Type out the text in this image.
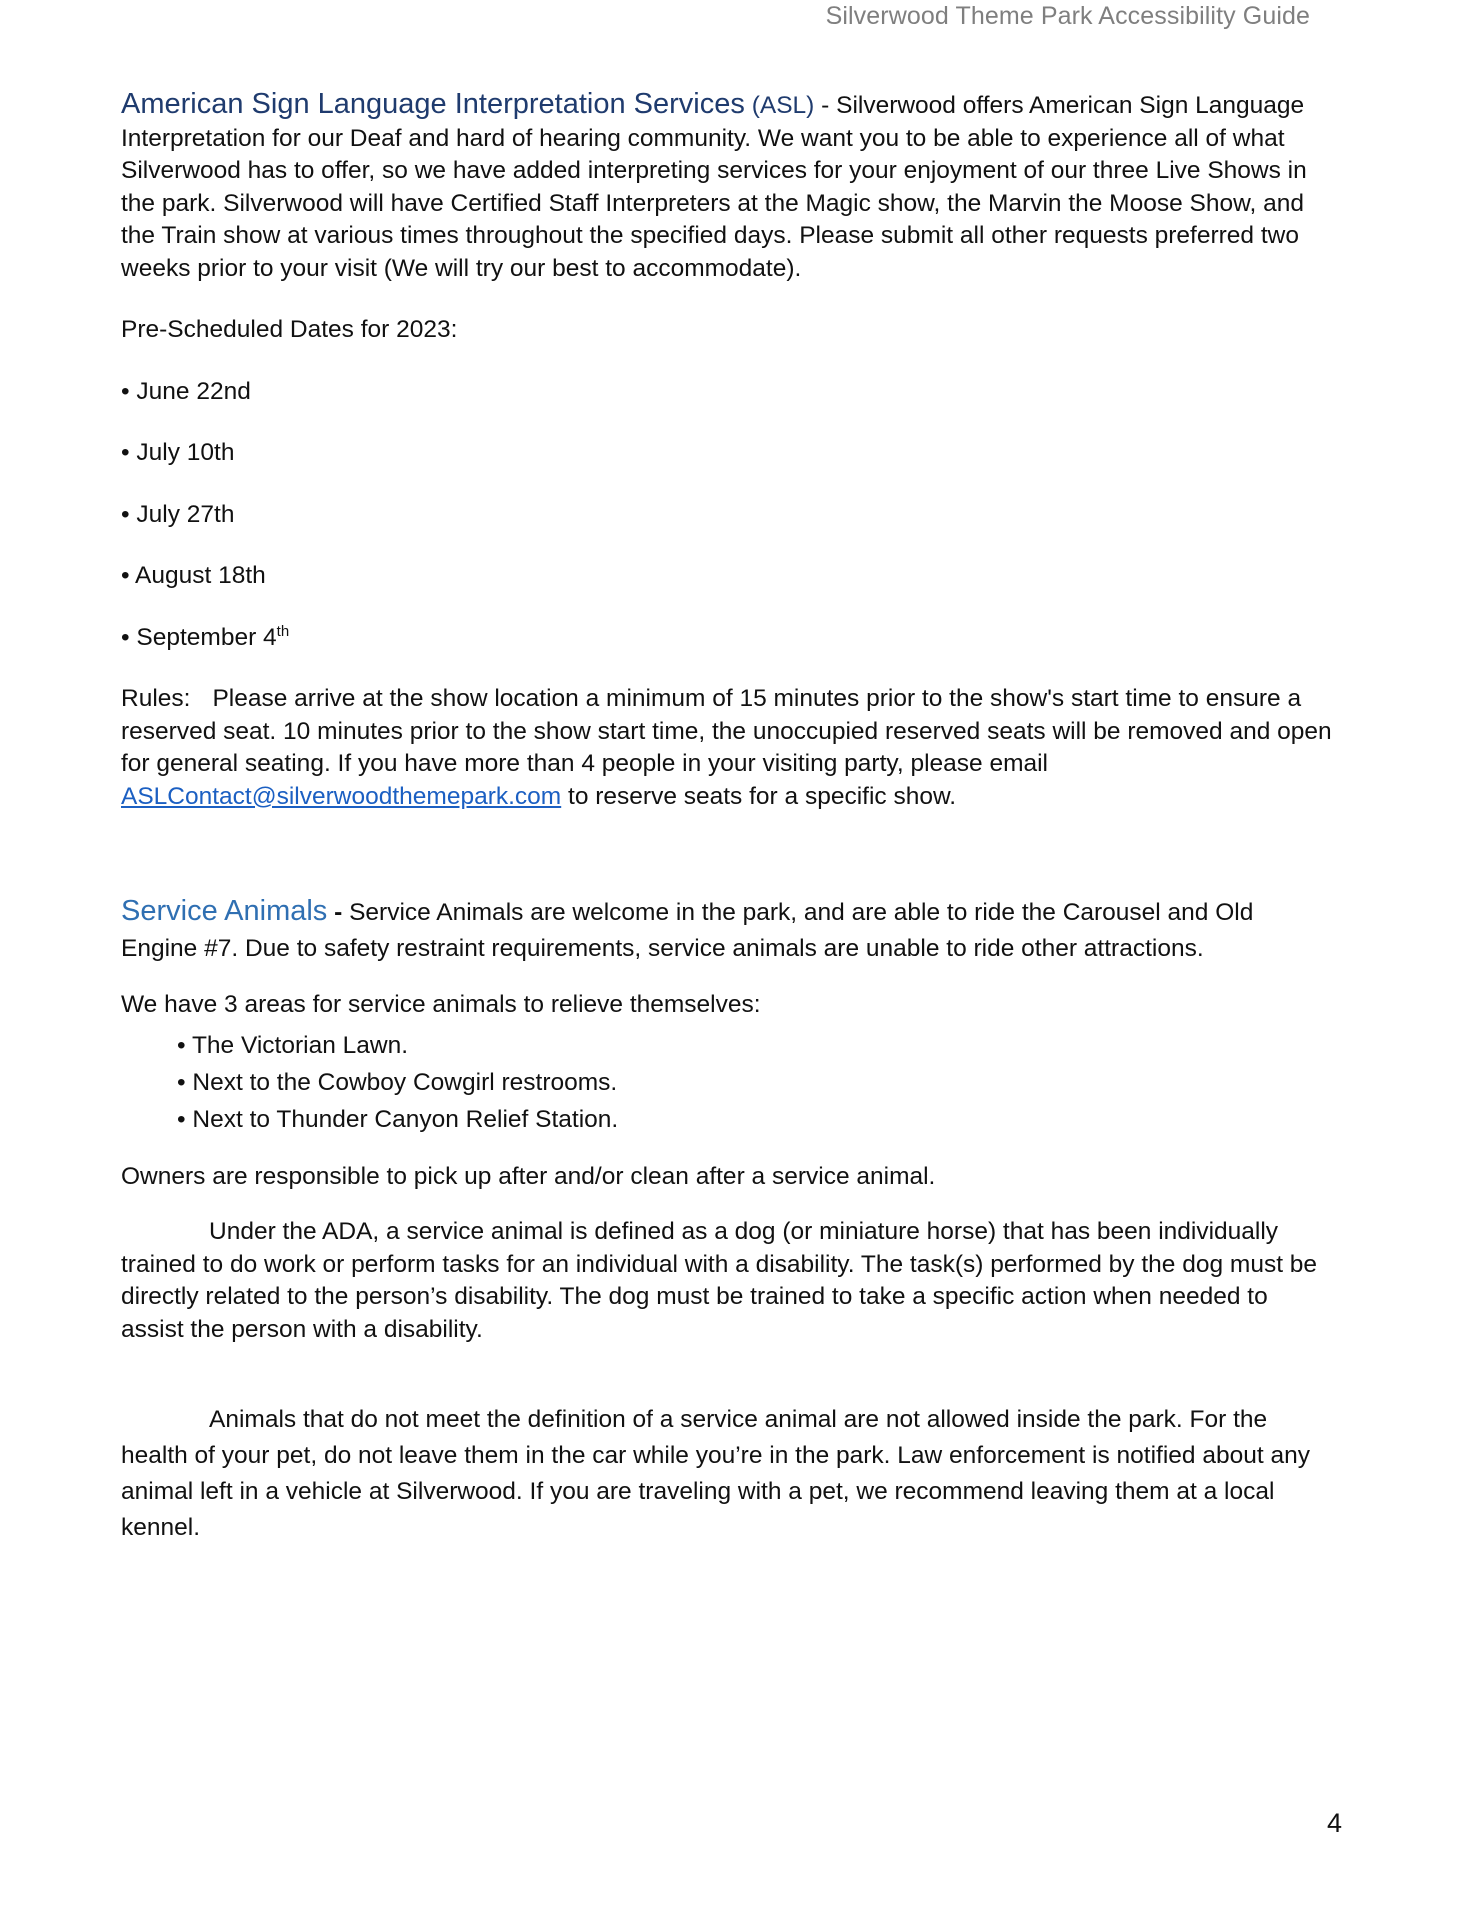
Silverwood Theme Park Accessibility Guide

American Sign Language Interpretation Services (ASL) - Silverwood offers American Sign Language Interpretation for our Deaf and hard of hearing community. We want you to be able to experience all of what Silverwood has to offer, so we have added interpreting services for your enjoyment of our three Live Shows in the park. Silverwood will have Certified Staff Interpreters at the Magic show, the Marvin the Moose Show, and the Train show at various times throughout the specified days. Please submit all other requests preferred two weeks prior to your visit (We will try our best to accommodate).

Pre-Scheduled Dates for 2023:

• June 22nd

• July 10th

• July 27th

• August 18th

• September 4th

Rules: Please arrive at the show location a minimum of 15 minutes prior to the show's start time to ensure a reserved seat. 10 minutes prior to the show start time, the unoccupied reserved seats will be removed and open for general seating. If you have more than 4 people in your visiting party, please email ASLContact@silverwoodthemepark.com to reserve seats for a specific show.

Service Animals - Service Animals are welcome in the park, and are able to ride the Carousel and Old Engine #7. Due to safety restraint requirements, service animals are unable to ride other attractions.

We have 3 areas for service animals to relieve themselves:

• The Victorian Lawn.
• Next to the Cowboy Cowgirl restrooms.
• Next to Thunder Canyon Relief Station.

Owners are responsible to pick up after and/or clean after a service animal.

Under the ADA, a service animal is defined as a dog (or miniature horse) that has been individually trained to do work or perform tasks for an individual with a disability. The task(s) performed by the dog must be directly related to the person’s disability. The dog must be trained to take a specific action when needed to assist the person with a disability.

Animals that do not meet the definition of a service animal are not allowed inside the park. For the health of your pet, do not leave them in the car while you’re in the park. Law enforcement is notified about any animal left in a vehicle at Silverwood. If you are traveling with a pet, we recommend leaving them at a local kennel.

4
